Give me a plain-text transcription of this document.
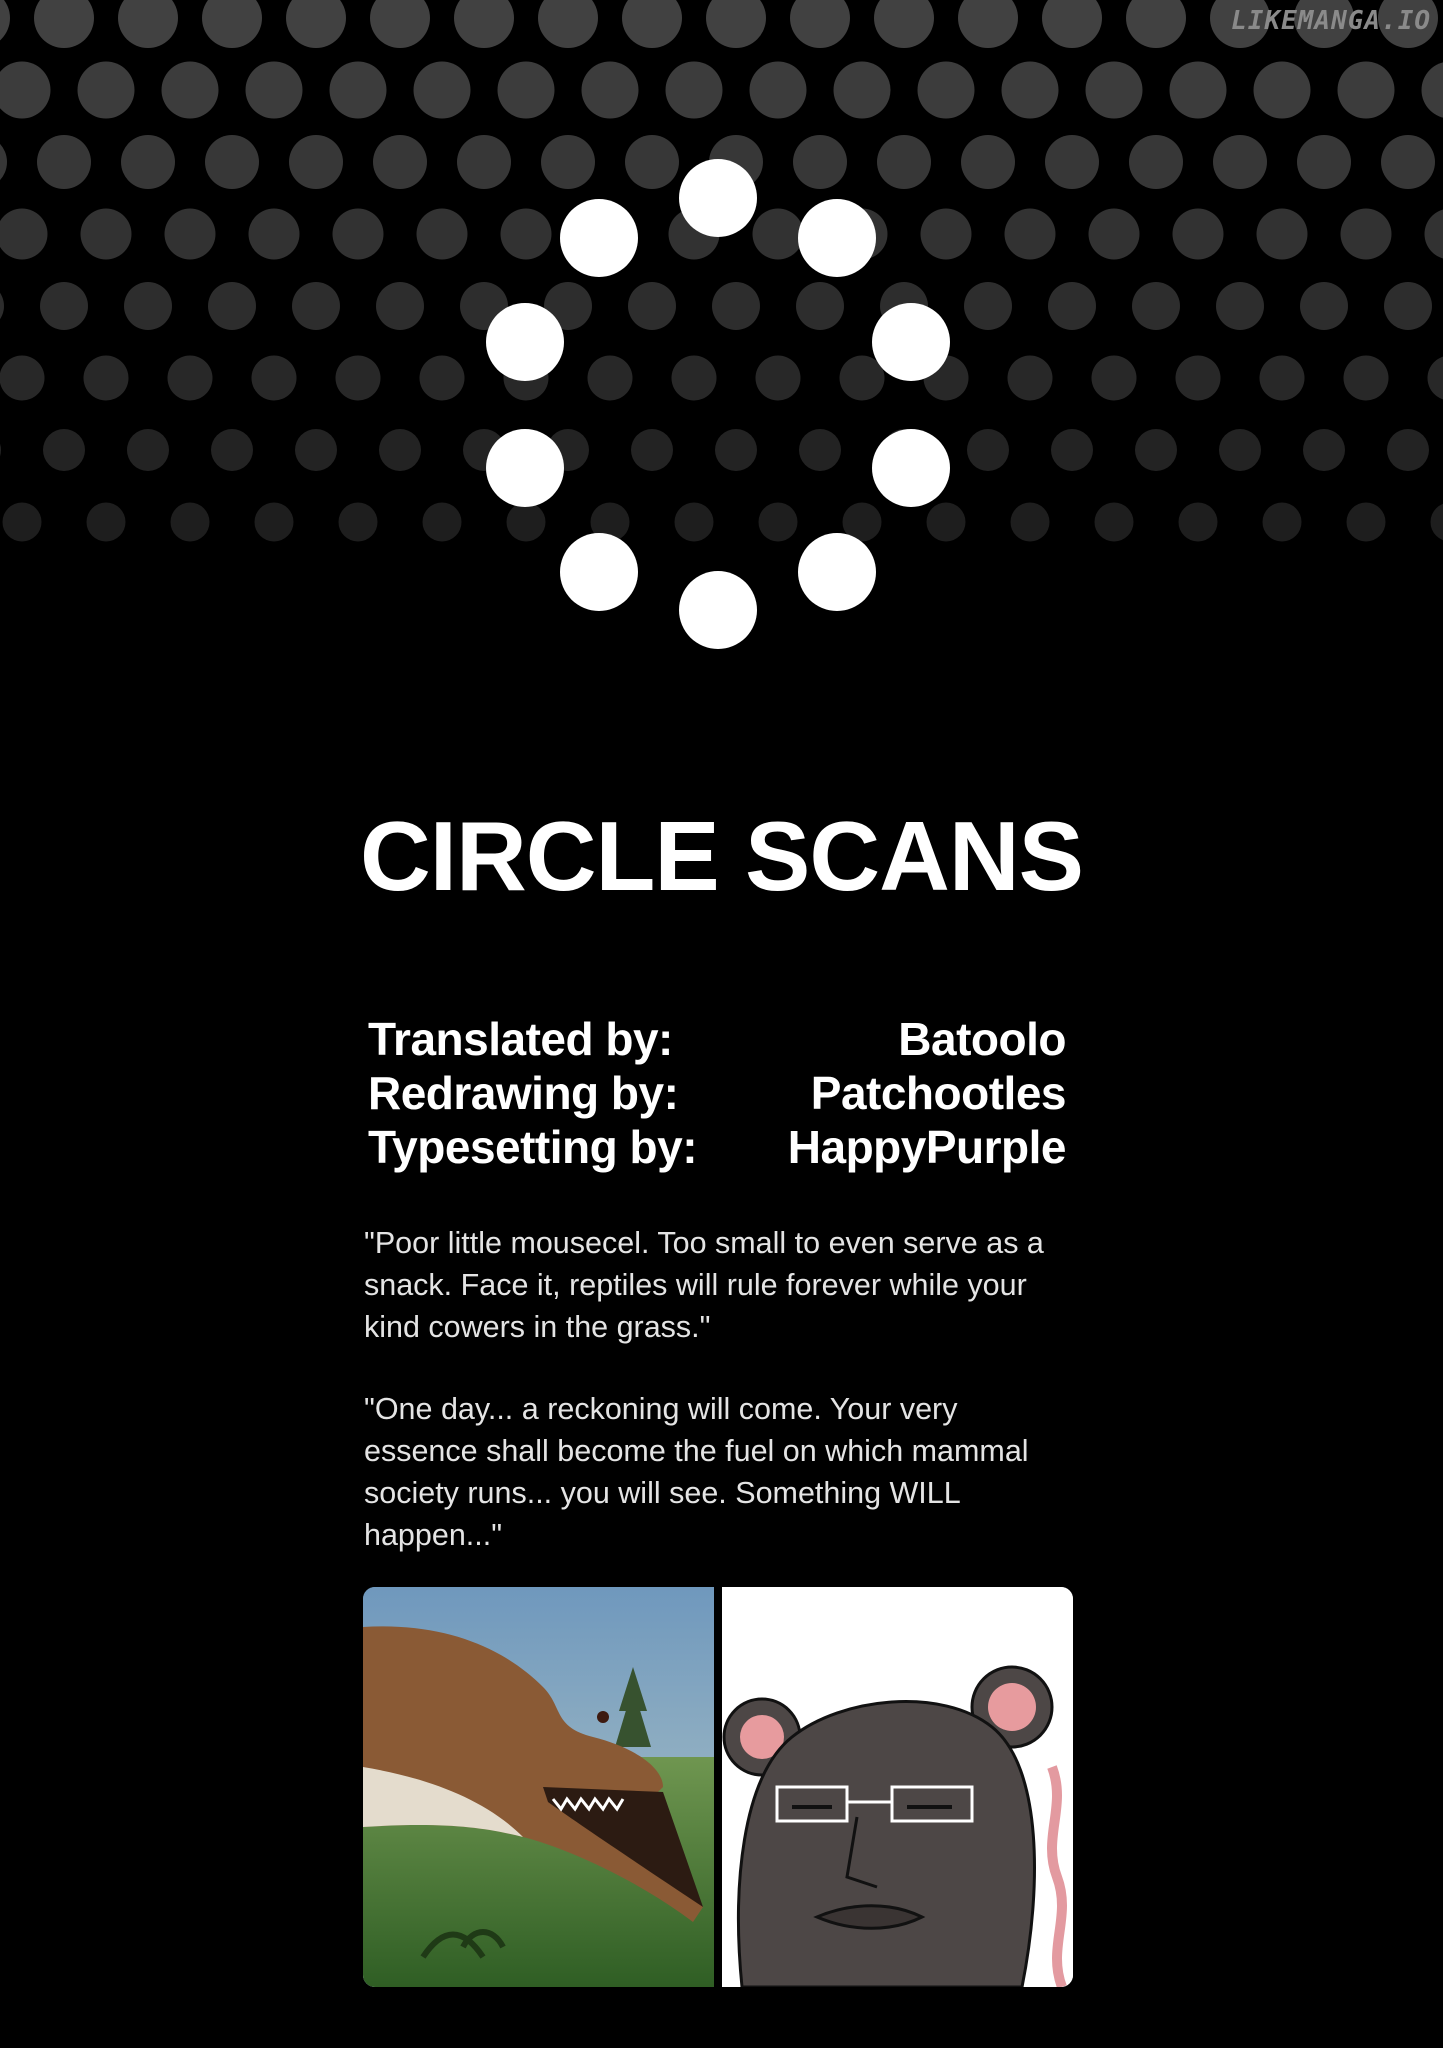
LIKEMANGA.IO
CIRCLE SCANS
Translated by:	Batoolo
Redrawing by:	Patchootles
Typesetting by: HappyPurple
"Poor little mousecel. Too small to even serve as a snack. Face it, reptiles will rule forever while your kind cowers in the grass."
"One day... a reckoning will come. Your very essence shall become the fuel on which mammal society runs... you will see. Something WILL happen..."
